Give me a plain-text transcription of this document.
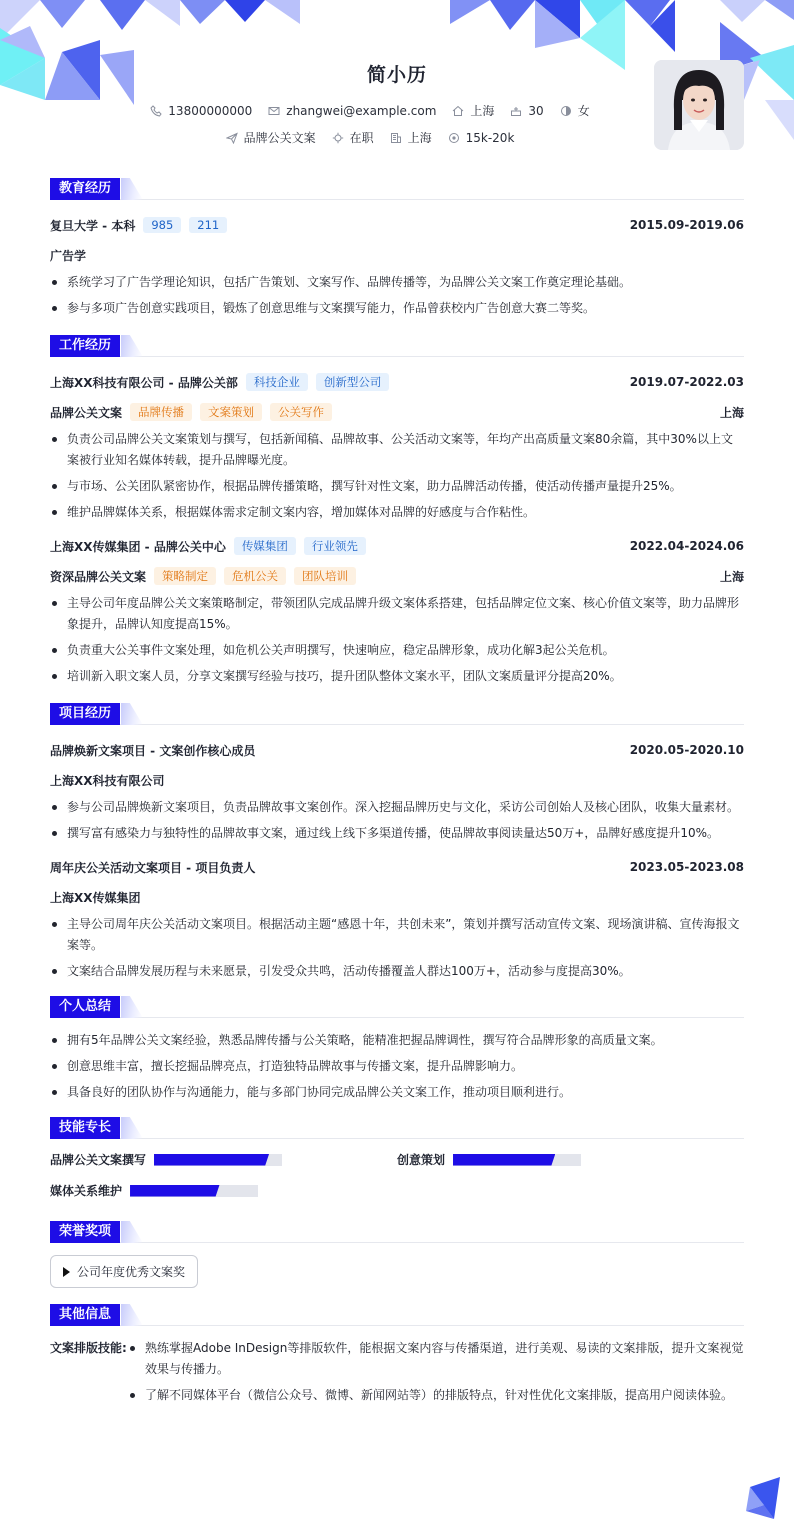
简小历
13800000000	zhangwei@example.com	上海	30	女
品牌公关文案	在职	上海	15k-20k
教育经历
复旦大学 - 本科	985	211	2015.09-2019.06
广告学
系统学习了广告学理论知识，包括广告策划、文案写作、品牌传播等，为品牌公关文案工作奠定理论基础。
参与多项广告创意实践项目，锻炼了创意思维与文案撰写能力，作品曾获校内广告创意大赛二等奖。
工作经历
上海XX科技有限公司 - 品牌公关部	科技企业	创新型公司	2019.07-2022.03
品牌公关文案	品牌传播	文案策划	公关写作	上海
负责公司品牌公关文案策划与撰写，包括新闻稿、品牌故事、公关活动文案等，年均产出高质量文案80余篇，其中30%以上文案被行业知名媒体转载，提升品牌曝光度。
与市场、公关团队紧密协作，根据品牌传播策略，撰写针对性文案，助力品牌活动传播，使活动传播声量提升25%。
维护品牌媒体关系，根据媒体需求定制文案内容，增加媒体对品牌的好感度与合作粘性。
上海XX传媒集团 - 品牌公关中心	传媒集团	行业领先	2022.04-2024.06
资深品牌公关文案	策略制定	危机公关	团队培训	上海
主导公司年度品牌公关文案策略制定，带领团队完成品牌升级文案体系搭建，包括品牌定位文案、核心价值文案等，助力品牌形象提升，品牌认知度提高15%。
负责重大公关事件文案处理，如危机公关声明撰写，快速响应，稳定品牌形象，成功化解3起公关危机。
培训新入职文案人员，分享文案撰写经验与技巧，提升团队整体文案水平，团队文案质量评分提高20%。
项目经历
品牌焕新文案项目 - 文案创作核心成员	2020.05-2020.10
上海XX科技有限公司
参与公司品牌焕新文案项目，负责品牌故事文案创作。深入挖掘品牌历史与文化，采访公司创始人及核心团队，收集大量素材。
撰写富有感染力与独特性的品牌故事文案，通过线上线下多渠道传播，使品牌故事阅读量达50万+，品牌好感度提升10%。
周年庆公关活动文案项目 - 项目负责人	2023.05-2023.08
上海XX传媒集团
主导公司周年庆公关活动文案项目。根据活动主题“感恩十年，共创未来”，策划并撰写活动宣传文案、现场演讲稿、宣传海报文案等。
文案结合品牌发展历程与未来愿景，引发受众共鸣，活动传播覆盖人群达100万+，活动参与度提高30%。
个人总结
拥有5年品牌公关文案经验，熟悉品牌传播与公关策略，能精准把握品牌调性，撰写符合品牌形象的高质量文案。
创意思维丰富，擅长挖掘品牌亮点，打造独特品牌故事与传播文案，提升品牌影响力。
具备良好的团队协作与沟通能力，能与多部门协同完成品牌公关文案工作，推动项目顺利进行。
技能专长
品牌公关文案撰写	创意策划
媒体关系维护
荣誉奖项
公司年度优秀文案奖
其他信息
文案排版技能:	熟练掌握Adobe InDesign等排版软件，能根据文案内容与传播渠道，进行美观、易读的文案排版，提升文案视觉效果与传播力。
了解不同媒体平台（微信公众号、微博、新闻网站等）的排版特点，针对性优化文案排版，提高用户阅读体验。
